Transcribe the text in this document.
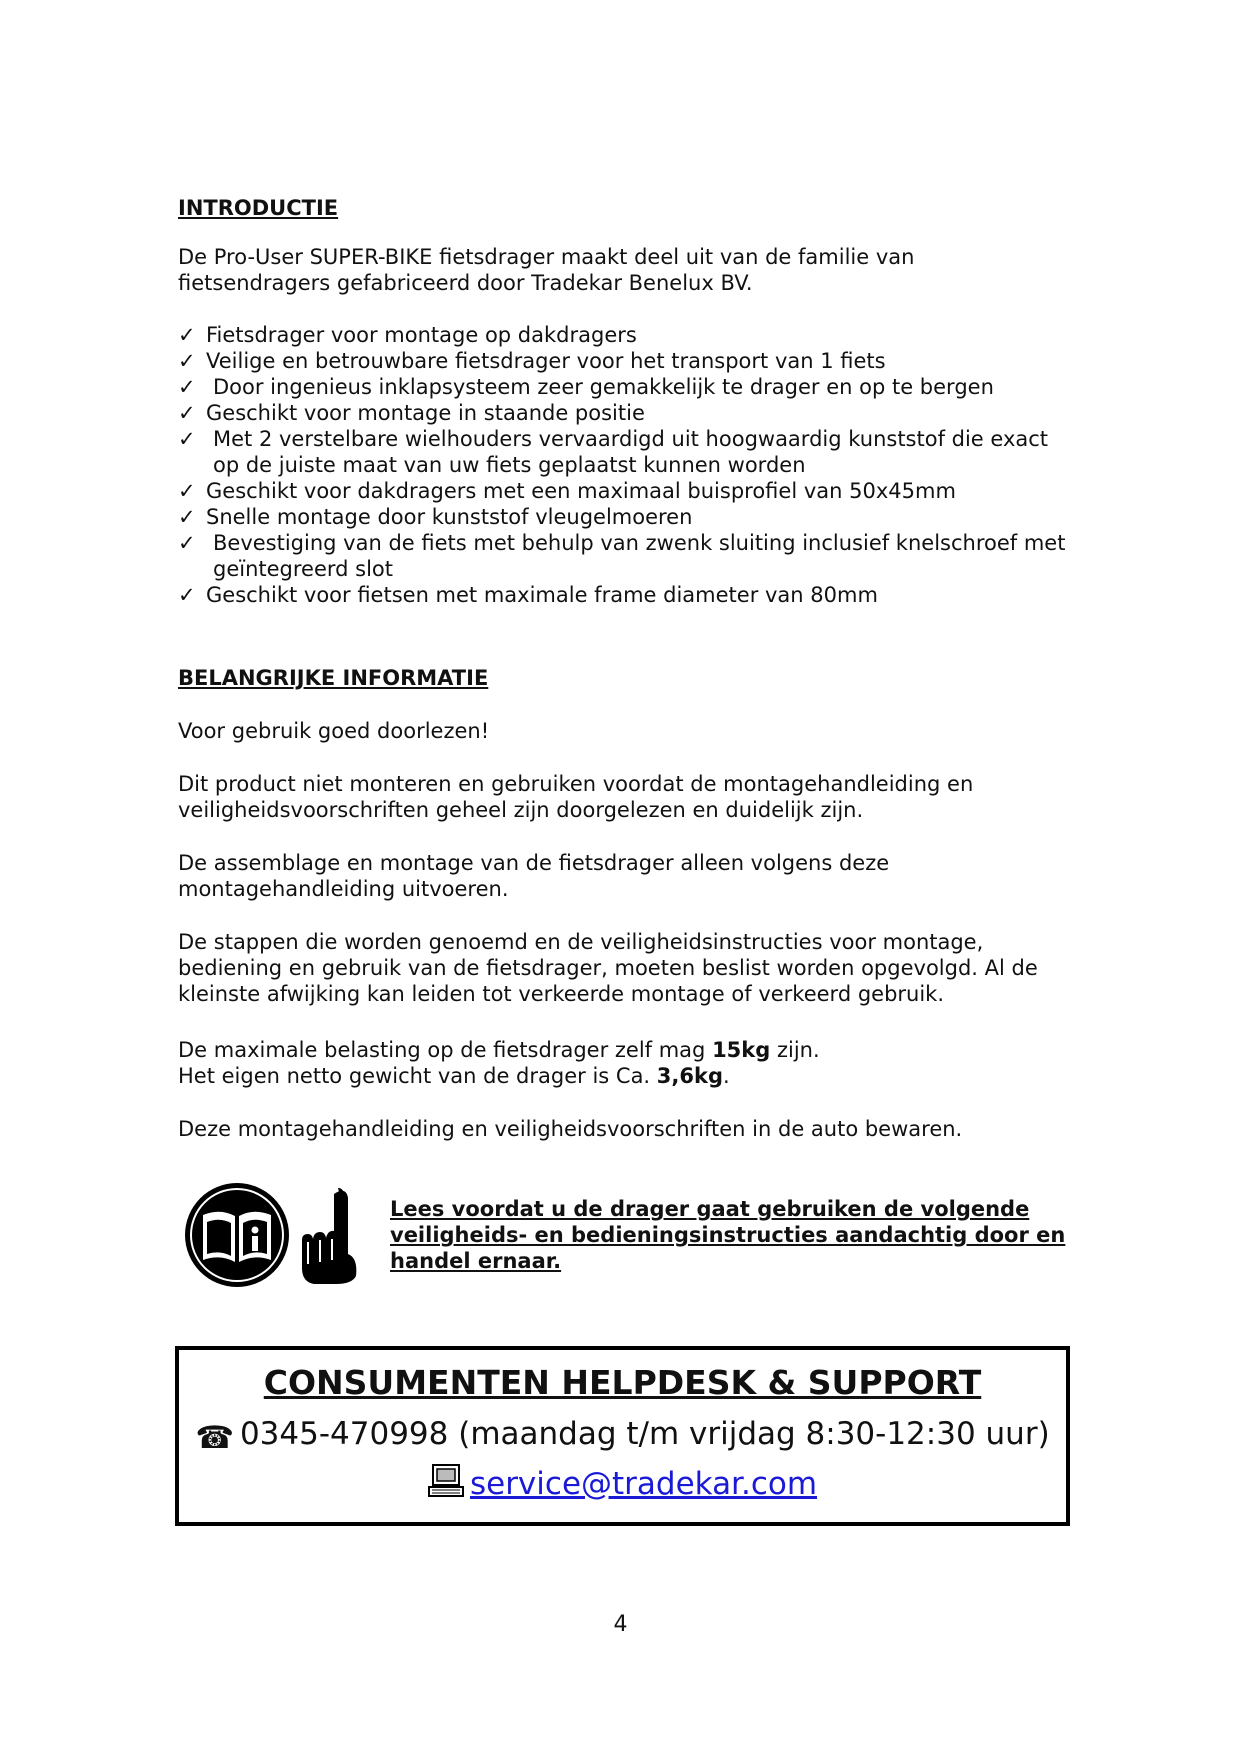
INTRODUCTIE

De Pro-User SUPER-BIKE fietsdrager maakt deel uit van de familie van fietsendragers gefabriceerd door Tradekar Benelux BV.

✓ Fietsdrager voor montage op dakdragers
✓ Veilige en betrouwbare fietsdrager voor het transport van 1 fiets
✓ Door ingenieus inklapsysteem zeer gemakkelijk te drager en op te bergen
✓ Geschikt voor montage in staande positie
✓ Met 2 verstelbare wielhouders vervaardigd uit hoogwaardig kunststof die exact op de juiste maat van uw fiets geplaatst kunnen worden
✓ Geschikt voor dakdragers met een maximaal buisprofiel van 50x45mm
✓ Snelle montage door kunststof vleugelmoeren
✓ Bevestiging van de fiets met behulp van zwenk sluiting inclusief knelschroef met geïntegreerd slot
✓ Geschikt voor fietsen met maximale frame diameter van 80mm
BELANGRIJKE INFORMATIE

Voor gebruik goed doorlezen!

Dit product niet monteren en gebruiken voordat de montagehandleiding en veiligheidsvoorschriften geheel zijn doorgelezen en duidelijk zijn.

De assemblage en montage van de fietsdrager alleen volgens deze montagehandleiding uitvoeren.

De stappen die worden genoemd en de veiligheidsinstructies voor montage, bediening en gebruik van de fietsdrager, moeten beslist worden opgevolgd. Al de kleinste afwijking kan leiden tot verkeerde montage of verkeerd gebruik.

De maximale belasting op de fietsdrager zelf mag 15kg zijn.

Het eigen netto gewicht van de drager is Ca. 3,6kg.

Deze montagehandleiding en veiligheidsvoorschriften in de auto bewaren.

Lees voordat u de drager gaat gebruiken de volgende veiligheids- en bedieningsinstructies aandachtig door en handel ernaar.
CONSUMENTEN HELPDESK & SUPPORT
☎ 0345-470998 (maandag t/m vrijdag 8:30-12:30 uur)
service@tradekar.com
4
